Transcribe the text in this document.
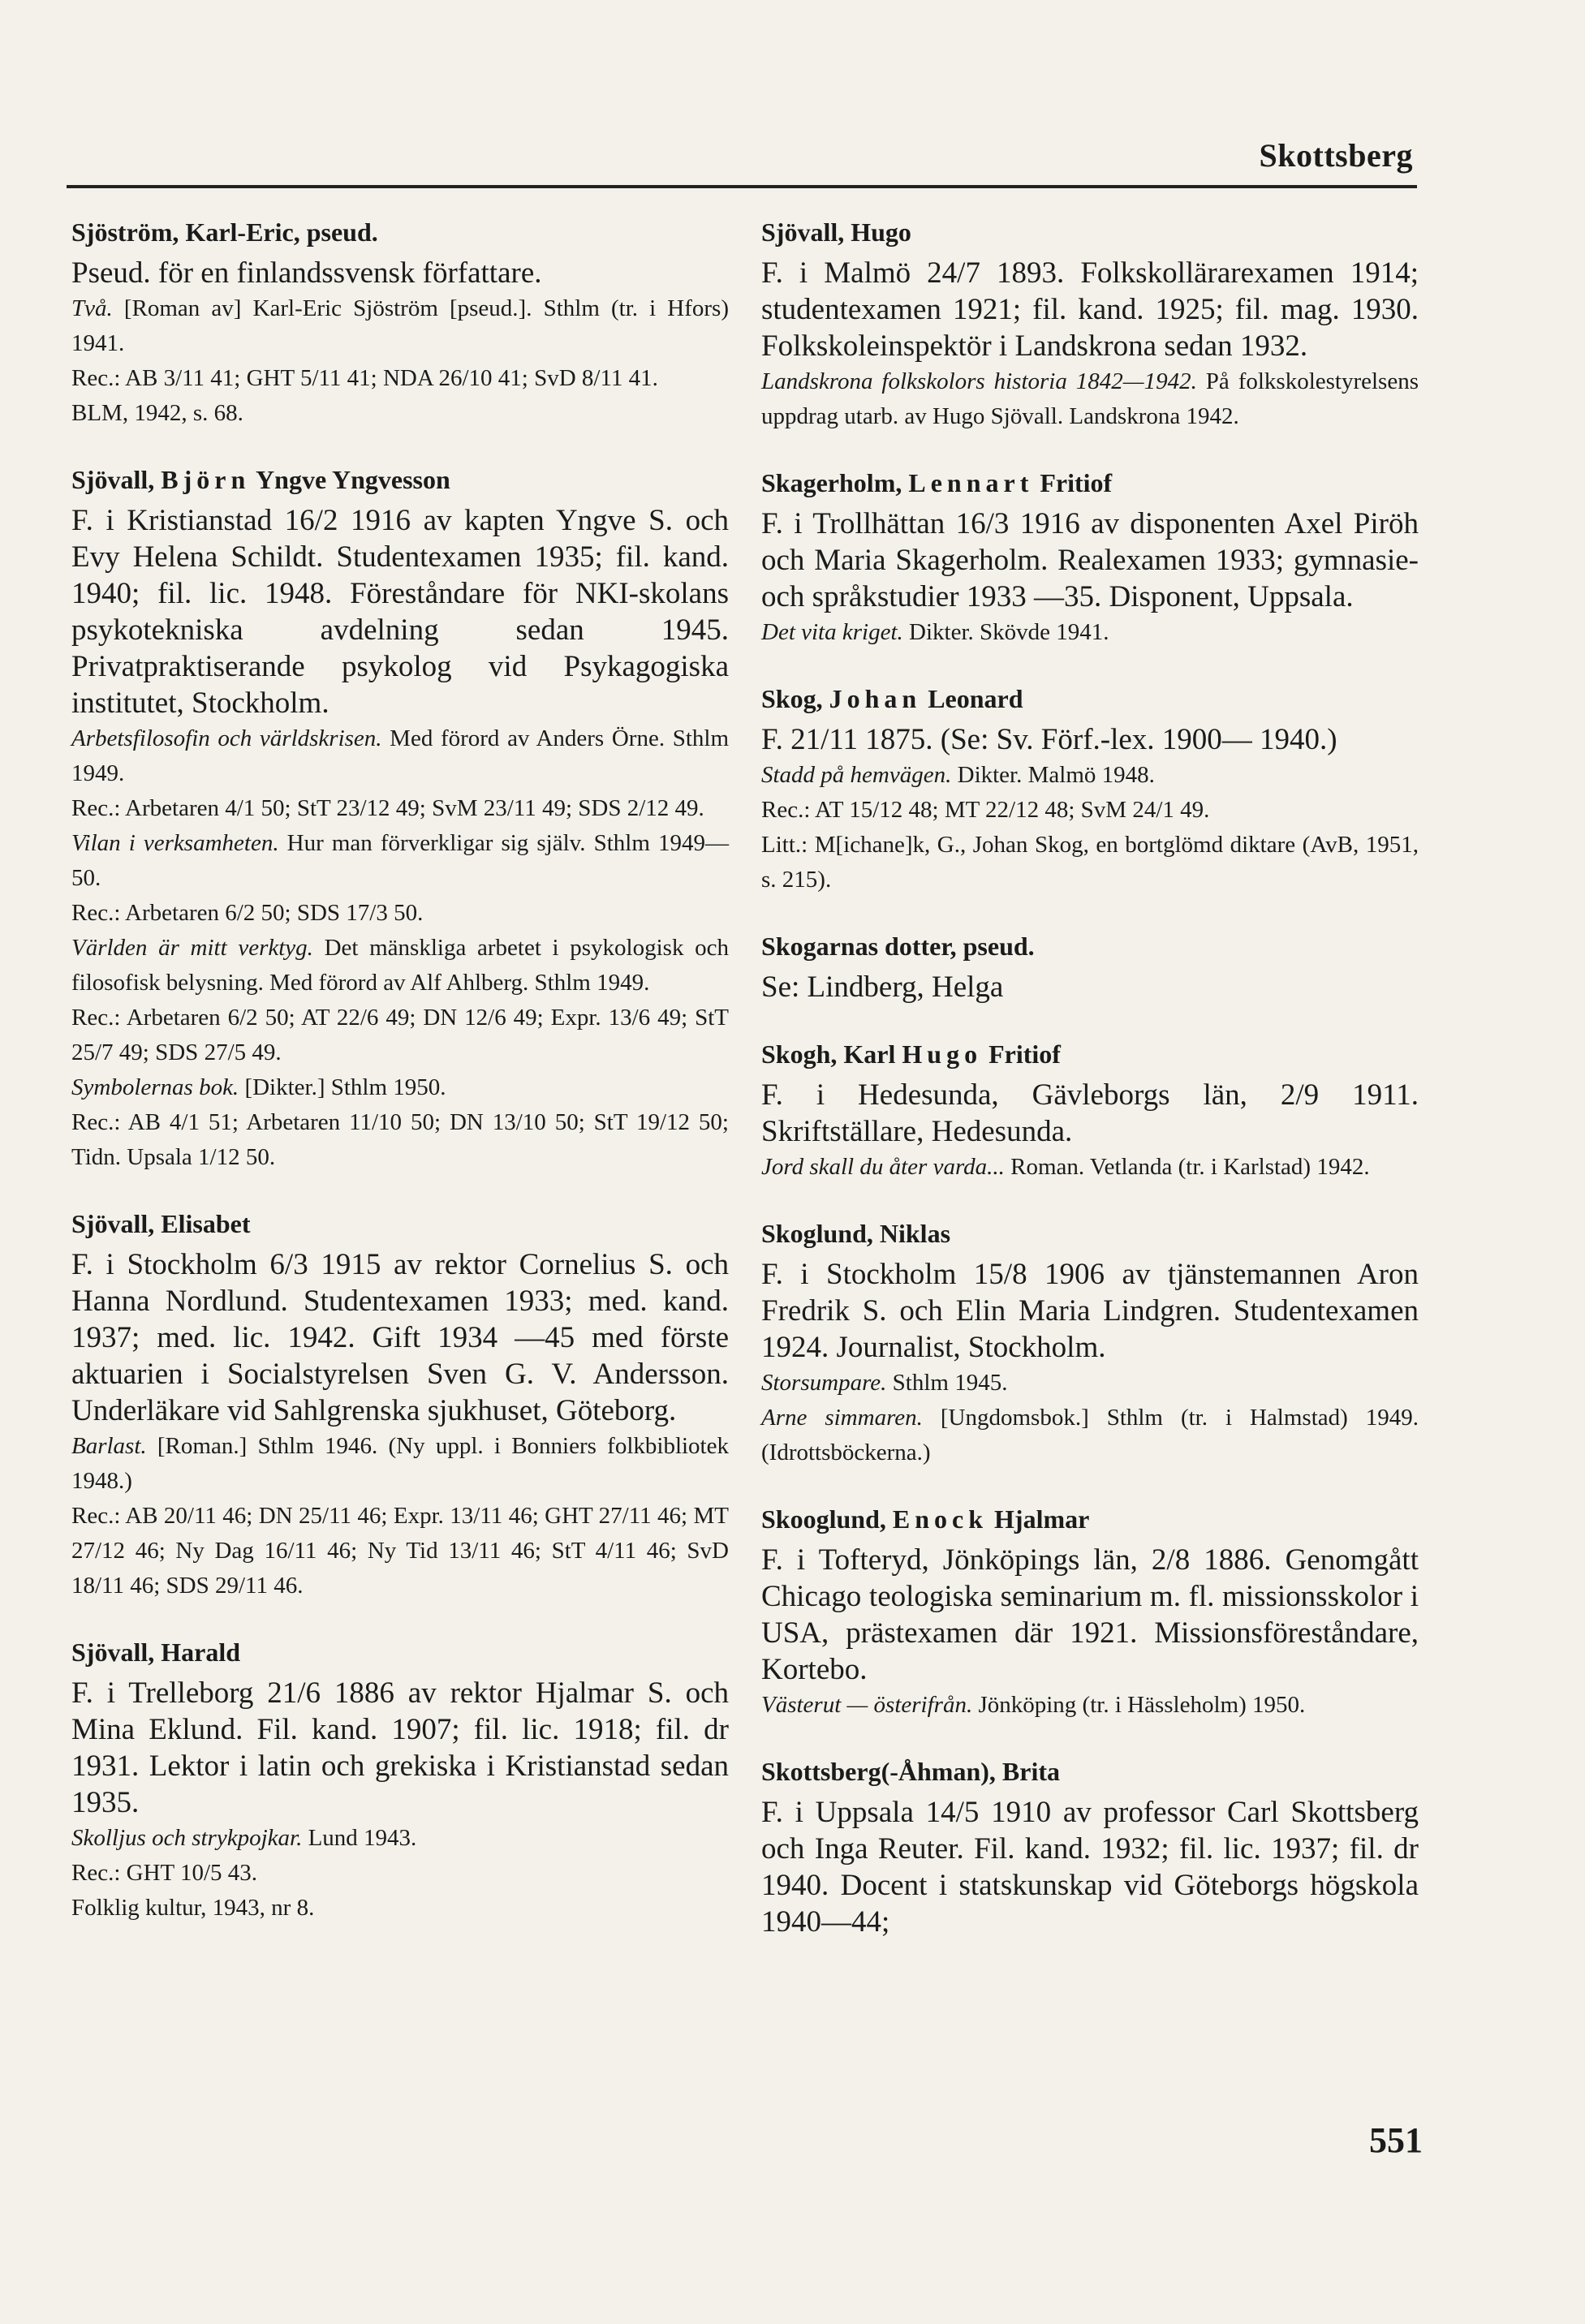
Skottsberg
Sjöström, Karl-Eric, pseud.

Pseud. för en finlandssvensk författare.

Två. [Roman av] Karl-Eric Sjöström [pseud.]. Sthlm (tr. i Hfors) 1941.

Rec.: AB 3/11 41; GHT 5/11 41; NDA 26/10 41; SvD 8/11 41.

BLM, 1942, s. 68.

Sjövall, Björn Yngve Yngvesson

F. i Kristianstad 16/2 1916 av kapten Yngve S. och Evy Helena Schildt. Studentexamen 1935; fil. kand. 1940; fil. lic. 1948. Föreståndare för NKI-skolans psykotekniska avdelning sedan 1945. Privatpraktiserande psykolog vid Psykagogiska institutet, Stockholm.

Arbetsfilosofin och världskrisen. Med förord av Anders Örne. Sthlm 1949.

Rec.: Arbetaren 4/1 50; StT 23/12 49; SvM 23/11 49; SDS 2/12 49.

Vilan i verksamheten. Hur man förverkligar sig själv. Sthlm 1949—50.

Rec.: Arbetaren 6/2 50; SDS 17/3 50.

Världen är mitt verktyg. Det mänskliga arbetet i psykologisk och filosofisk belysning. Med förord av Alf Ahlberg. Sthlm 1949.

Rec.: Arbetaren 6/2 50; AT 22/6 49; DN 12/6 49; Expr. 13/6 49; StT 25/7 49; SDS 27/5 49.

Symbolernas bok. [Dikter.] Sthlm 1950.

Rec.: AB 4/1 51; Arbetaren 11/10 50; DN 13/10 50; StT 19/12 50; Tidn. Upsala 1/12 50.

Sjövall, Elisabet

F. i Stockholm 6/3 1915 av rektor Cornelius S. och Hanna Nordlund. Studentexamen 1933; med. kand. 1937; med. lic. 1942. Gift 1934 —45 med förste aktuarien i Socialstyrelsen Sven G. V. Andersson. Underläkare vid Sahlgrenska sjukhuset, Göteborg.

Barlast. [Roman.] Sthlm 1946. (Ny uppl. i Bonniers folkbibliotek 1948.)

Rec.: AB 20/11 46; DN 25/11 46; Expr. 13/11 46; GHT 27/11 46; MT 27/12 46; Ny Dag 16/11 46; Ny Tid 13/11 46; StT 4/11 46; SvD 18/11 46; SDS 29/11 46.

Sjövall, Harald

F. i Trelleborg 21/6 1886 av rektor Hjalmar S. och Mina Eklund. Fil. kand. 1907; fil. lic. 1918; fil. dr 1931. Lektor i latin och grekiska i Kristianstad sedan 1935.

Skolljus och strykpojkar. Lund 1943.

Rec.: GHT 10/5 43.

Folklig kultur, 1943, nr 8.

Sjövall, Hugo

F. i Malmö 24/7 1893. Folkskollärarexamen 1914; studentexamen 1921; fil. kand. 1925; fil. mag. 1930. Folkskoleinspektör i Landskrona sedan 1932.

Landskrona folkskolors historia 1842—1942. På folkskolestyrelsens uppdrag utarb. av Hugo Sjövall. Landskrona 1942.

Skagerholm, Lennart Fritiof

F. i Trollhättan 16/3 1916 av disponenten Axel Piröh och Maria Skagerholm. Realexamen 1933; gymnasie- och språkstudier 1933 —35. Disponent, Uppsala.

Det vita kriget. Dikter. Skövde 1941.

Skog, Johan Leonard

F. 21/11 1875. (Se: Sv. Förf.-lex. 1900— 1940.)

Stadd på hemvägen. Dikter. Malmö 1948.

Rec.: AT 15/12 48; MT 22/12 48; SvM 24/1 49.

Litt.: M[ichane]k, G., Johan Skog, en bortglömd diktare (AvB, 1951, s. 215).

Skogarnas dotter, pseud.

Se: Lindberg, Helga

Skogh, Karl Hugo Fritiof

F. i Hedesunda, Gävleborgs län, 2/9 1911. Skriftställare, Hedesunda.

Jord skall du åter varda... Roman. Vetlanda (tr. i Karlstad) 1942.

Skoglund, Niklas

F. i Stockholm 15/8 1906 av tjänstemannen Aron Fredrik S. och Elin Maria Lindgren. Studentexamen 1924. Journalist, Stockholm.

Storsumpare. Sthlm 1945.

Arne simmaren. [Ungdomsbok.] Sthlm (tr. i Halmstad) 1949. (Idrottsböckerna.)

Skooglund, Enock Hjalmar

F. i Tofteryd, Jönköpings län, 2/8 1886. Genomgått Chicago teologiska seminarium m. fl. missionsskolor i USA, prästexamen där 1921. Missionsföreståndare, Kortebo.

Västerut — österifrån. Jönköping (tr. i Hässleholm) 1950.

Skottsberg(-Åhman), Brita

F. i Uppsala 14/5 1910 av professor Carl Skottsberg och Inga Reuter. Fil. kand. 1932; fil. lic. 1937; fil. dr 1940. Docent i statskunskap vid Göteborgs högskola 1940—44;

551
